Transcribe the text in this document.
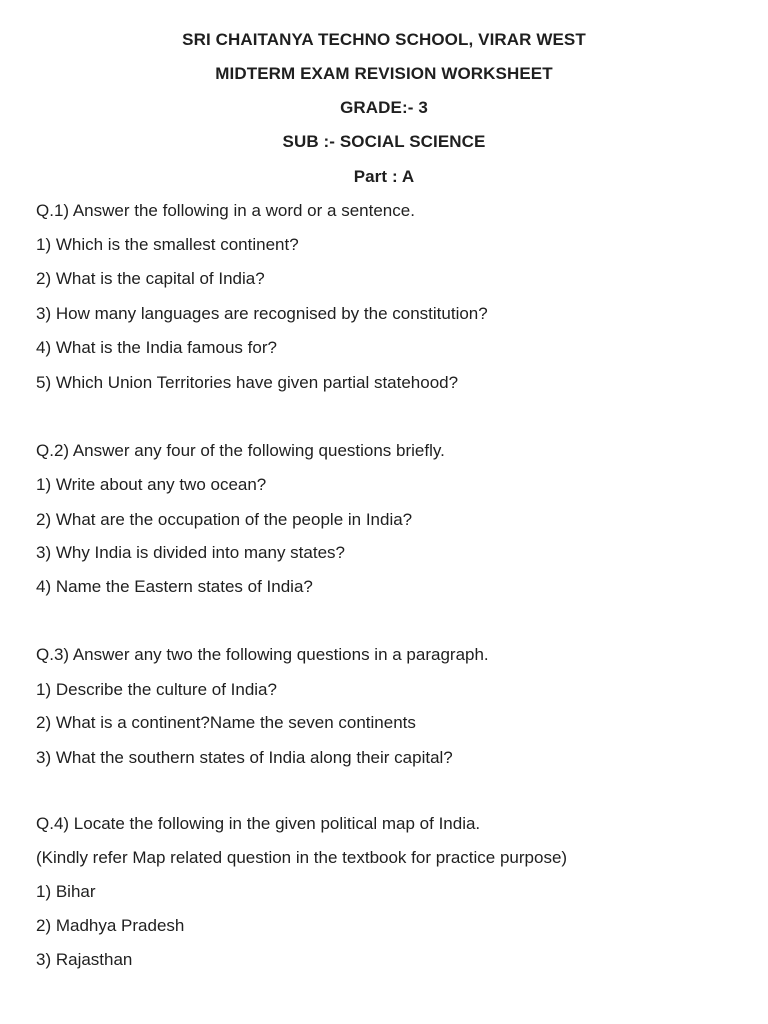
SRI CHAITANYA TECHNO SCHOOL, VIRAR WEST
MIDTERM EXAM REVISION WORKSHEET
GRADE:- 3
SUB :- SOCIAL SCIENCE
Part : A
Q.1) Answer the following in a word or a sentence.
1) Which is the smallest continent?
2) What is the capital of India?
3) How many languages are recognised by the constitution?
4) What is the India famous for?
5) Which Union Territories have given partial statehood?
Q.2) Answer any four of the following questions briefly.
1) Write about any two ocean?
2) What are the occupation of the people in India?
3) Why India is divided into many states?
4) Name the Eastern states of India?
Q.3) Answer any two the following questions in a paragraph.
1) Describe the culture of India?
2) What is a continent?Name the seven continents
3) What the southern states of India along their capital?
Q.4) Locate the following in the given political map of India.
(Kindly refer Map related question in the textbook for practice purpose)
1) Bihar
2) Madhya Pradesh
3) Rajasthan
